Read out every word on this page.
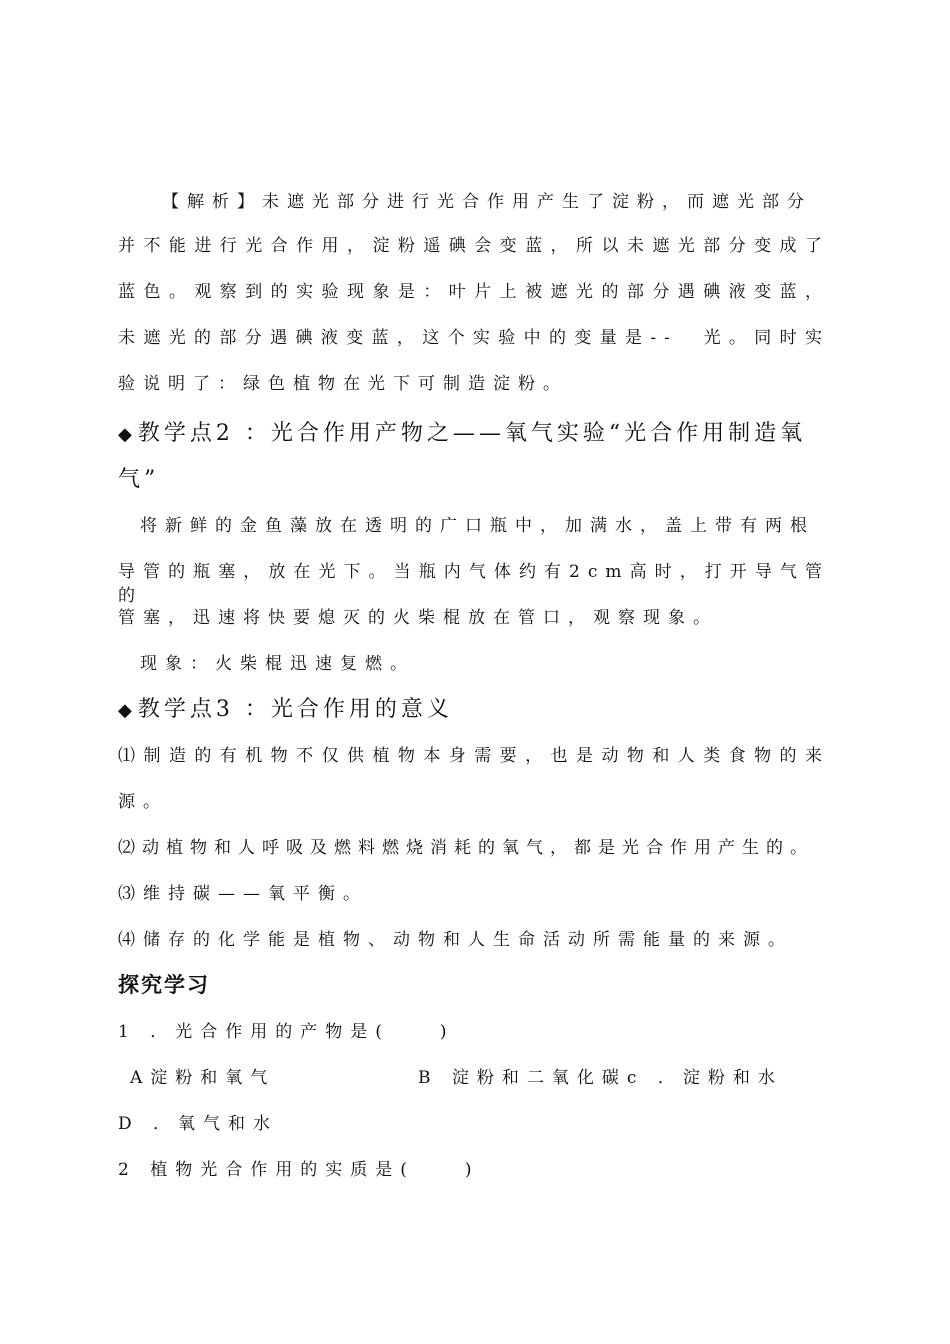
【解析】未遮光部分进行光合作用产生了淀粉，而遮光部分
并不能进行光合作用，淀粉遥碘会变蓝，所以未遮光部分变成了
蓝色。观察到的实验现象是：叶片上被遮光的部分遇碘液变蓝，
未遮光的部分遇碘液变蓝，这个实验中的变量是--　光。同时实
验说明了：绿色植物在光下可制造淀粉。
◆ 教学点2 ：光合作用产物之——氧气实验“光合作用制造氧
气”
将新鲜的金鱼藻放在透明的广口瓶中，加满水，盖上带有两根
导管的瓶塞，放在光下。当瓶内气体约有2cm高时，打开导气管的
管塞，迅速将快要熄灭的火柴棍放在管口，观察现象。
现象：火柴棍迅速复燃。
◆ 教学点3 ：光合作用的意义
⑴制造的有机物不仅供植物本身需要，也是动物和人类食物的来
源。
⑵动植物和人呼吸及燃料燃烧消耗的氧气，都是光合作用产生的。
⑶维持碳——氧平衡。
⑷储存的化学能是植物、动物和人生命活动所需能量的来源。
探究学习
1 ．光合作用的产物是(　　)
A淀粉和氧气	B 淀粉和二氧化碳c ．淀粉和水
D ．氧气和水
2 植物光合作用的实质是(　　)
